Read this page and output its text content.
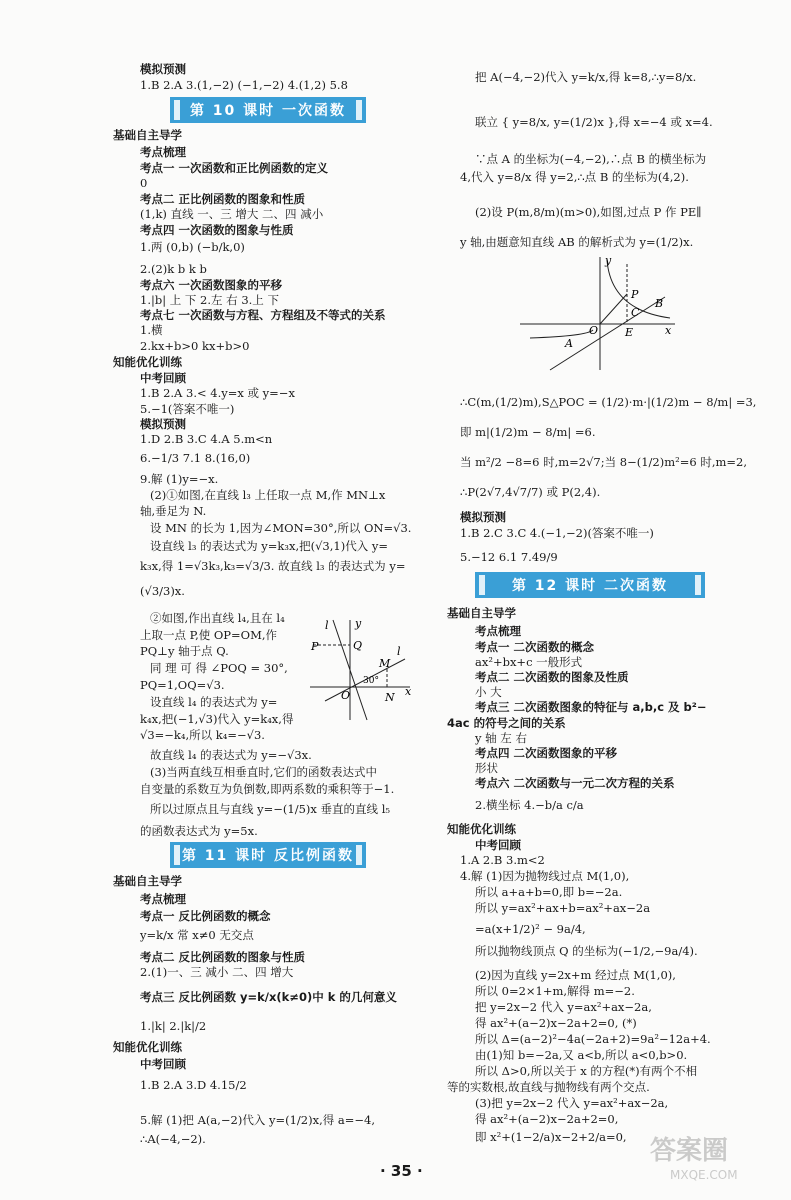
模拟预测
1.B 2.A 3.(1,−2) (−1,−2) 4.(1,2) 5.8
第 10 课时 一次函数
基础自主导学
考点梳理
考点一 一次函数和正比例函数的定义
0
考点二 正比例函数的图象和性质
(1,k) 直线 一、三 增大 二、四 减小
考点四 一次函数的图象与性质
1.两 (0,b) (−b/k,0)
2.(2)k b k b
考点六 一次函数图象的平移
1.|b| 上 下 2.左 右 3.上 下
考点七 一次函数与方程、方程组及不等式的关系
1.横
2.kx+b>0 kx+b>0
知能优化训练
中考回顾
1.B 2.A 3.< 4.y=x 或 y=−x
5.−1(答案不唯一)
模拟预测
1.D 2.B 3.C 4.A 5.m<n
6.−1/3 7.1 8.(16,0)
9.解 (1)y=−x.
(2)①如图,在直线 l₃ 上任取一点 M,作 MN⊥x
轴,垂足为 N.
设 MN 的长为 1,因为∠MON=30°,所以 ON=√3.
设直线 l₃ 的表达式为 y=k₃x,把(√3,1)代入 y=
k₃x,得 1=√3k₃,k₃=√3/3. 故直线 l₃ 的表达式为 y=
(√3/3)x.
②如图,作出直线 l₄,且在 l₄
上取一点 P,使 OP=OM,作
PQ⊥y 轴于点 Q.
同 理 可 得 ∠POQ = 30°,
PQ=1,OQ=√3.
设直线 l₄ 的表达式为 y=
k₄x,把(−1,√3)代入 y=k₄x,得
√3=−k₄,所以 k₄=−√3.
故直线 l₄ 的表达式为 y=−√3x.
(3)当两直线互相垂直时,它们的函数表达式中
自变量的系数互为负倒数,即两系数的乘积等于−1.
所以过原点且与直线 y=−(1/5)x 垂直的直线 l₅
的函数表达式为 y=5x.
l y
P	Q	l
M
x
O	N
30°
第 11 课时 反比例函数
基础自主导学
考点梳理
考点一 反比例函数的概念
y=k/x 常 x≠0 无交点
考点二 反比例函数的图象与性质
2.(1)一、三 减小 二、四 增大
考点三 反比例函数 y=k/x(k≠0)中 k 的几何意义
1.|k| 2.|k|/2
知能优化训练
中考回顾
1.B 2.A 3.D 4.15/2
5.解 (1)把 A(a,−2)代入 y=(1/2)x,得 a=−4,
∴A(−4,−2).
把 A(−4,−2)代入 y=k/x,得 k=8,∴y=8/x.
联立 { y=8/x, y=(1/2)x },得 x=−4 或 x=4.
∵点 A 的坐标为(−4,−2),∴点 B 的横坐标为
4,代入 y=8/x 得 y=2,∴点 B 的坐标为(4,2).
(2)设 P(m,8/m)(m>0),如图,过点 P 作 PE∥
y 轴,由题意知直线 AB 的解析式为 y=(1/2)x.
y
P
B
C
O E	x
A
∴C(m,(1/2)m),S△POC = (1/2)·m·|(1/2)m − 8/m| =3,
即 m|(1/2)m − 8/m| =6.
当 m²/2 −8=6 时,m=2√7;当 8−(1/2)m²=6 时,m=2,
∴P(2√7,4√7/7) 或 P(2,4).
模拟预测
1.B 2.C 3.C 4.(−1,−2)(答案不唯一)
5.−12 6.1 7.49/9
第 12 课时 二次函数
基础自主导学
考点梳理
考点一 二次函数的概念
ax²+bx+c 一般形式
考点二 二次函数的图象及性质
小 大
考点三 二次函数图象的特征与 a,b,c 及 b²−
4ac 的符号之间的关系
y 轴 左 右
考点四 二次函数图象的平移
形状
考点六 二次函数与一元二次方程的关系
2.横坐标 4.−b/a c/a
知能优化训练
中考回顾
1.A 2.B 3.m<2
4.解 (1)因为抛物线过点 M(1,0),
所以 a+a+b=0,即 b=−2a.
所以 y=ax²+ax+b=ax²+ax−2a
=a(x+1/2)² − 9a/4,
所以抛物线顶点 Q 的坐标为(−1/2,−9a/4).
(2)因为直线 y=2x+m 经过点 M(1,0),
所以 0=2×1+m,解得 m=−2.
把 y=2x−2 代入 y=ax²+ax−2a,
得 ax²+(a−2)x−2a+2=0, (*)
所以 Δ=(a−2)²−4a(−2a+2)=9a²−12a+4.
由(1)知 b=−2a,又 a<b,所以 a<0,b>0.
所以 Δ>0,所以关于 x 的方程(*)有两个不相
等的实数根,故直线与抛物线有两个交点.
(3)把 y=2x−2 代入 y=ax²+ax−2a,
得 ax²+(a−2)x−2a+2=0,
即 x²+(1−2/a)x−2+2/a=0,
· 35 ·
答案圈
MXQE.COM
